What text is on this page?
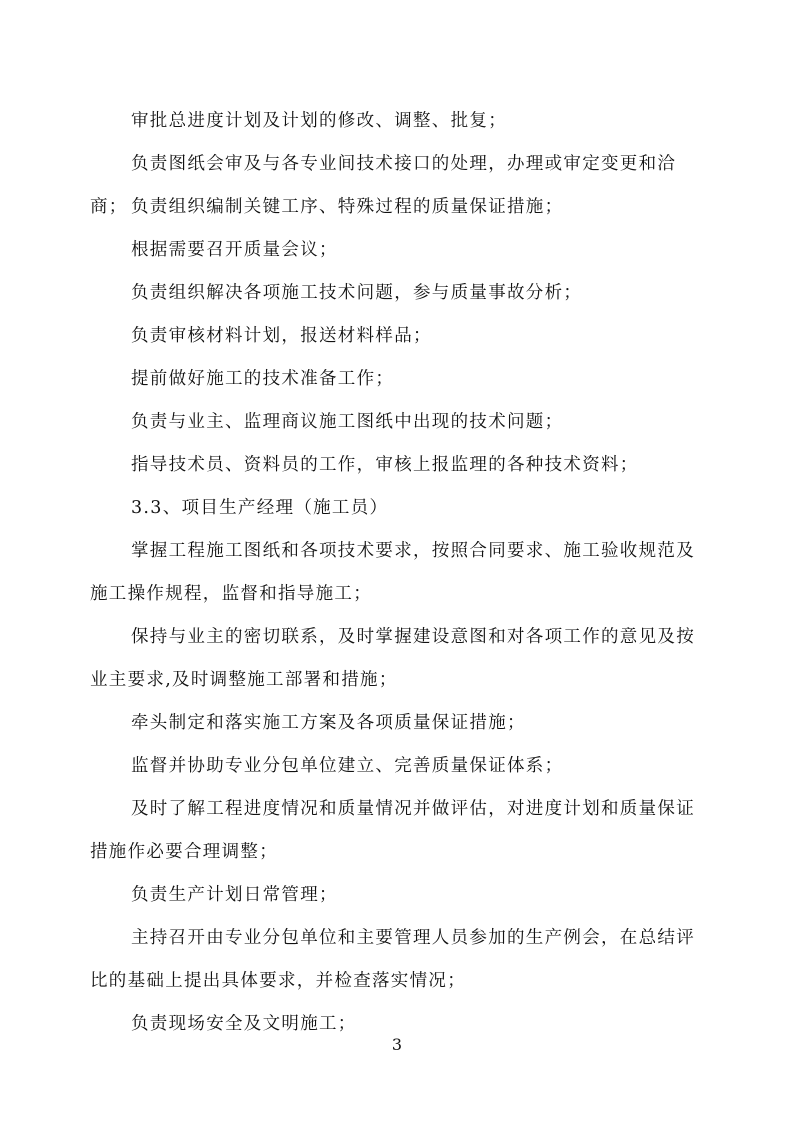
审批总进度计划及计划的修改、调整、批复；

负责图纸会审及与各专业间技术接口的处理，办理或审定变更和洽商； 负责组织编制关键工序、特殊过程的质量保证措施；

根据需要召开质量会议；

负责组织解决各项施工技术问题，参与质量事故分析；

负责审核材料计划，报送材料样品；

提前做好施工的技术准备工作；

负责与业主、监理商议施工图纸中出现的技术问题；

指导技术员、资料员的工作，审核上报监理的各种技术资料；

3.3、项目生产经理（施工员）

掌握工程施工图纸和各项技术要求，按照合同要求、施工验收规范及施工操作规程，监督和指导施工；

保持与业主的密切联系，及时掌握建设意图和对各项工作的意见及按业主要求,及时调整施工部署和措施；

牵头制定和落实施工方案及各项质量保证措施；

监督并协助专业分包单位建立、完善质量保证体系；

及时了解工程进度情况和质量情况并做评估，对进度计划和质量保证措施作必要合理调整；

负责生产计划日常管理；

主持召开由专业分包单位和主要管理人员参加的生产例会，在总结评比的基础上提出具体要求，并检查落实情况；

负责现场安全及文明施工；

3
